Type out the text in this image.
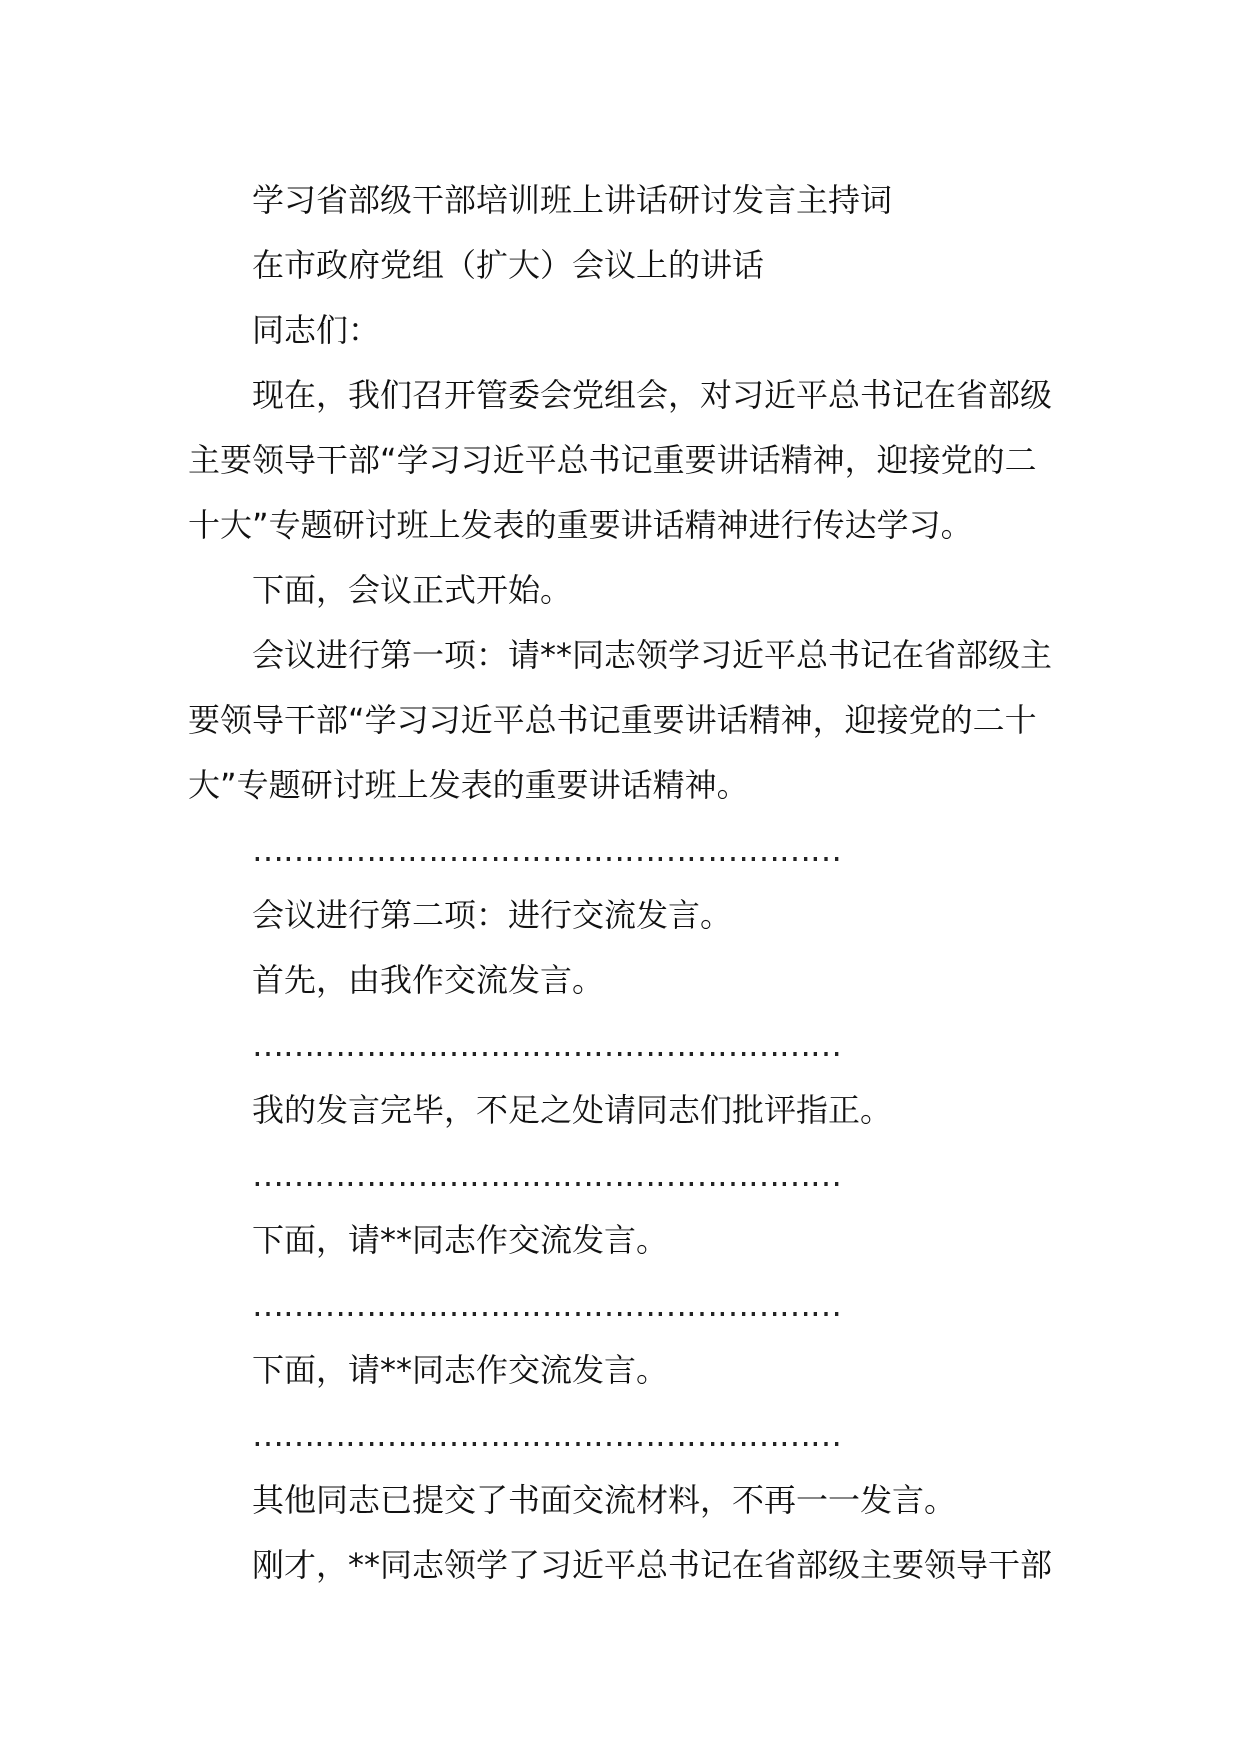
学习省部级干部培训班上讲话研讨发言主持词

在市政府党组（扩大）会议上的讲话

同志们：

现在，我们召开管委会党组会，对习近平总书记在省部级主要领导干部“学习习近平总书记重要讲话精神，迎接党的二十大”专题研讨班上发表的重要讲话精神进行传达学习。

下面，会议正式开始。

会议进行第一项：请**同志领学习近平总书记在省部级主要领导干部“学习习近平总书记重要讲话精神，迎接党的二十大”专题研讨班上发表的重要讲话精神。

…………………………………………………

会议进行第二项：进行交流发言。

首先，由我作交流发言。

…………………………………………………

我的发言完毕，不足之处请同志们批评指正。

…………………………………………………

下面，请**同志作交流发言。

…………………………………………………

下面，请**同志作交流发言。

…………………………………………………

其他同志已提交了书面交流材料，不再一一发言。

刚才，**同志领学了习近平总书记在省部级主要领导干部
